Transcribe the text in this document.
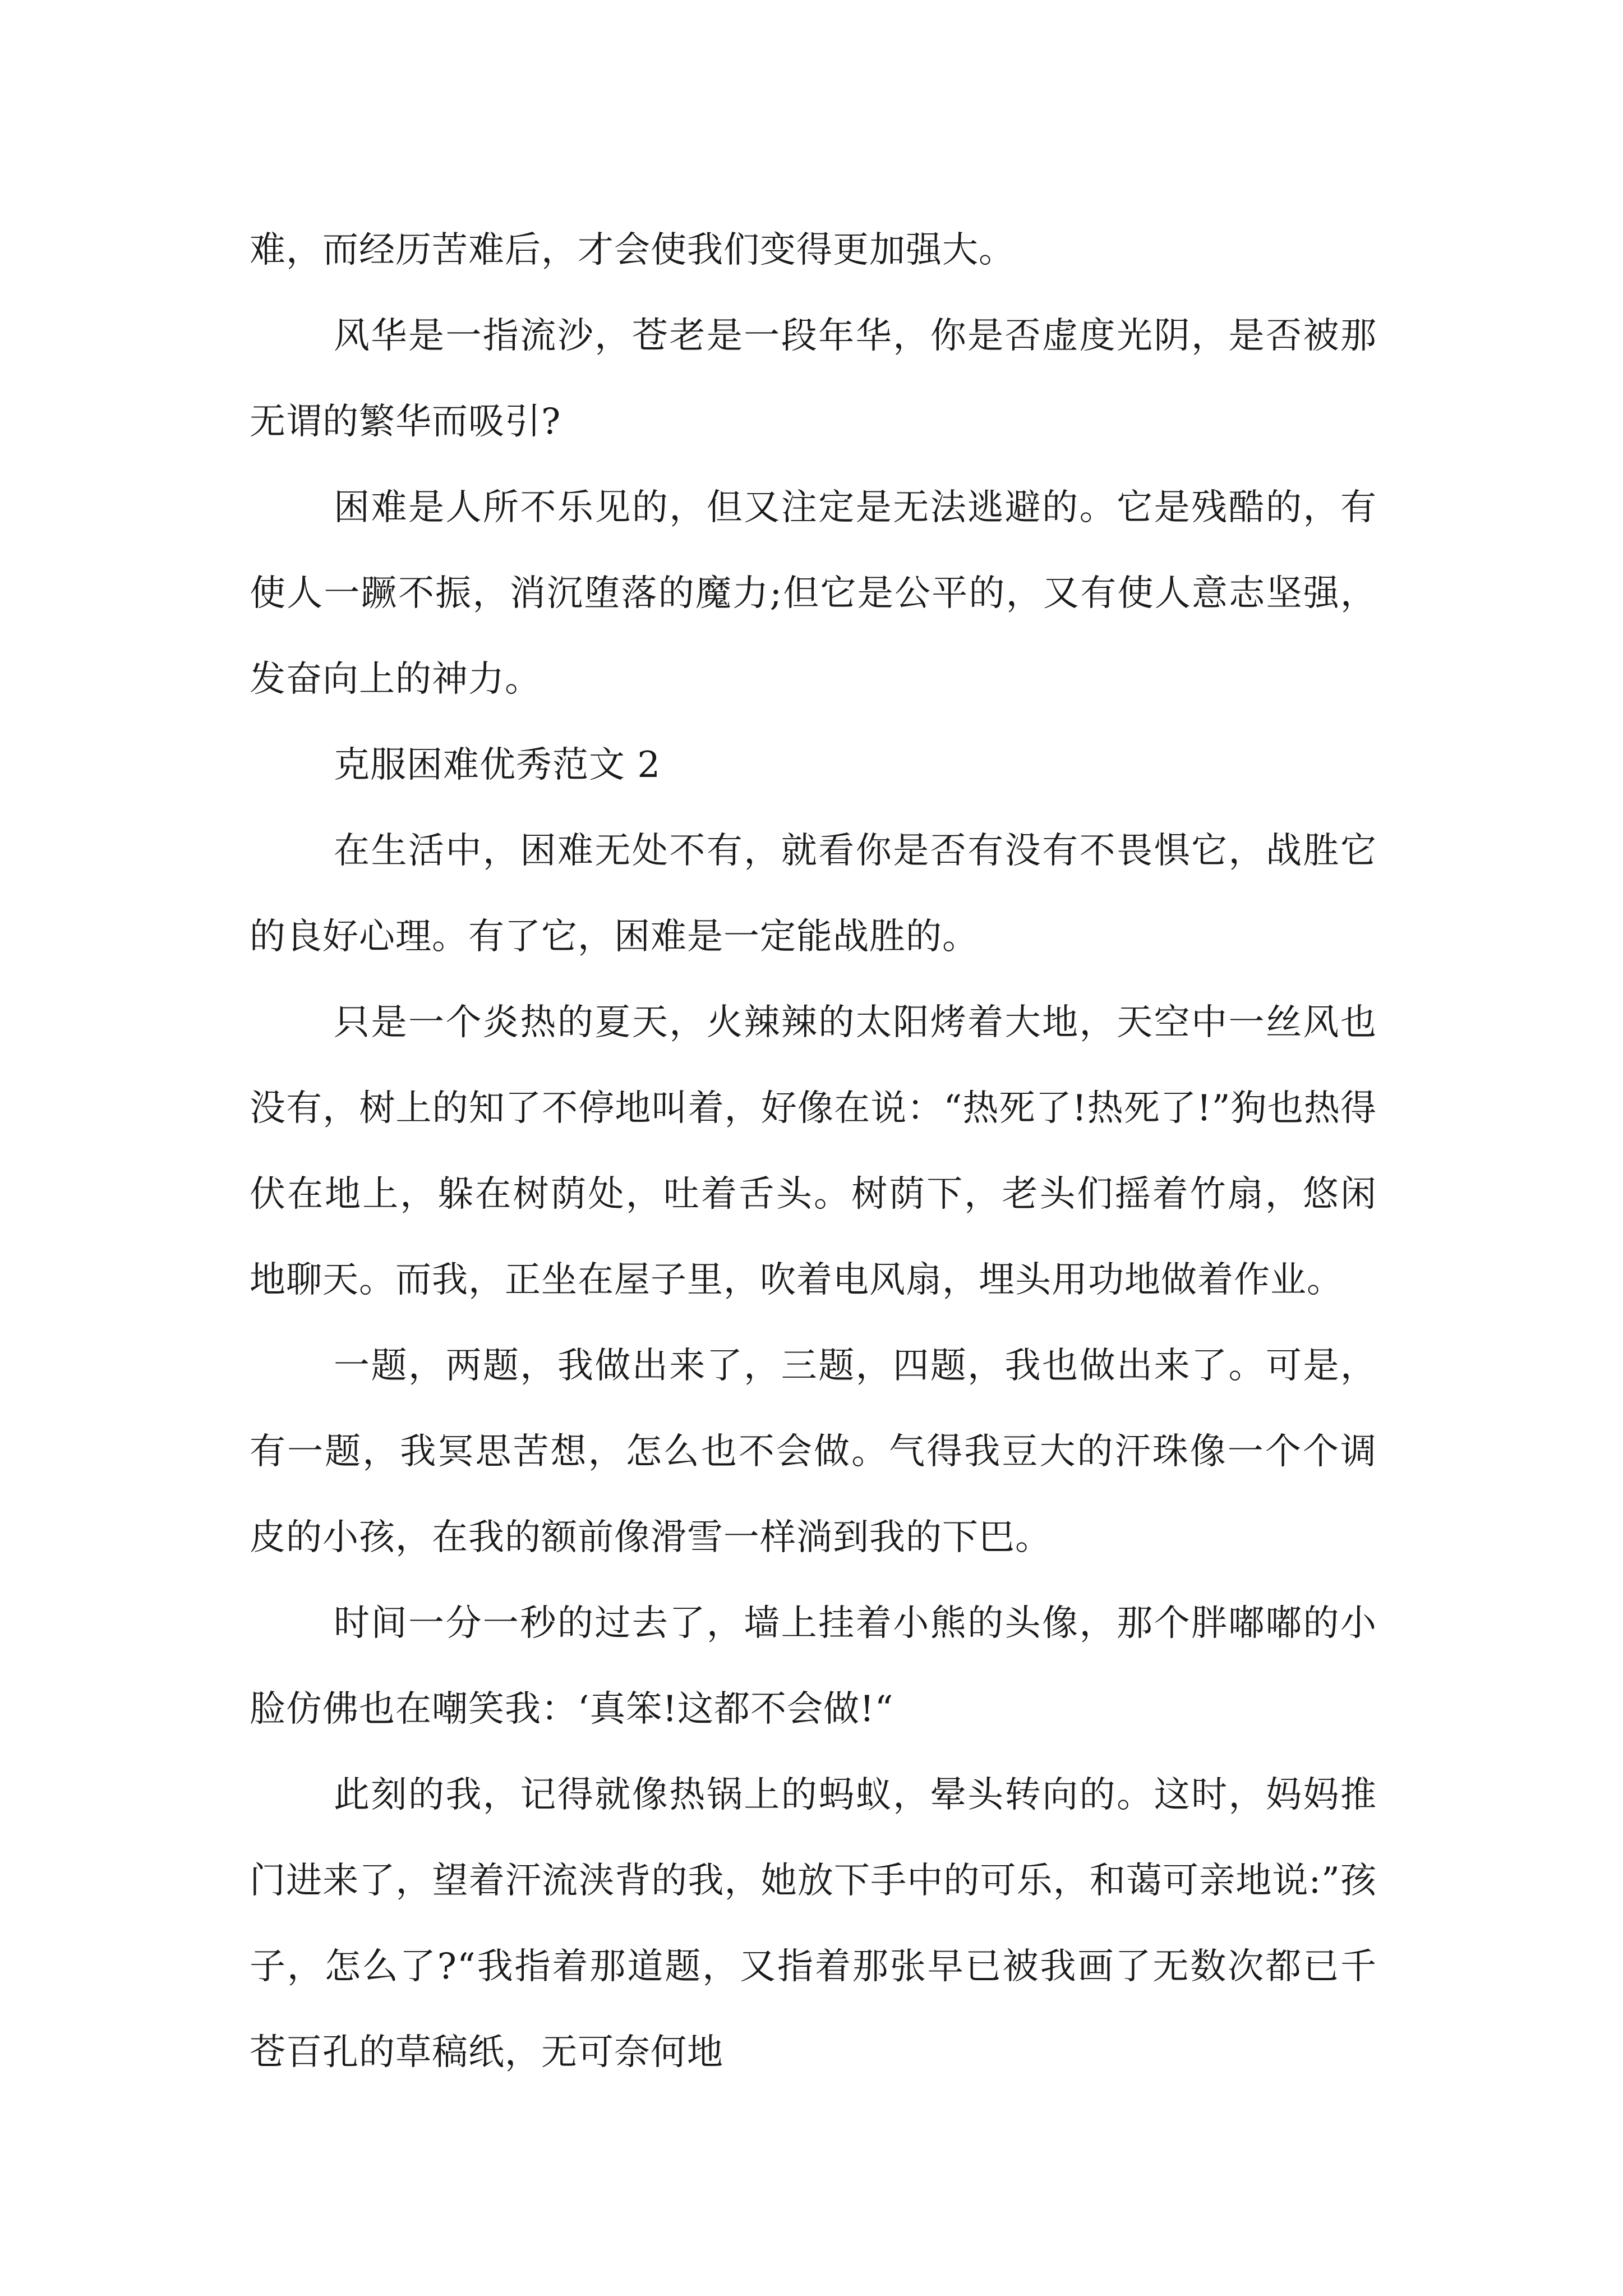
难，而经历苦难后，才会使我们变得更加强大。

风华是一指流沙，苍老是一段年华，你是否虚度光阴，是否被那无谓的繁华而吸引?

困难是人所不乐见的，但又注定是无法逃避的。它是残酷的，有使人一蹶不振，消沉堕落的魔力;但它是公平的，又有使人意志坚强，发奋向上的神力。

克服困难优秀范文 2

在生活中，困难无处不有，就看你是否有没有不畏惧它，战胜它的良好心理。有了它，困难是一定能战胜的。

只是一个炎热的夏天，火辣辣的太阳烤着大地，天空中一丝风也没有，树上的知了不停地叫着，好像在说：“热死了!热死了!”狗也热得伏在地上，躲在树荫处，吐着舌头。树荫下，老头们摇着竹扇，悠闲地聊天。而我，正坐在屋子里，吹着电风扇，埋头用功地做着作业。

一题，两题，我做出来了，三题，四题，我也做出来了。可是，有一题，我冥思苦想，怎么也不会做。气得我豆大的汗珠像一个个调皮的小孩，在我的额前像滑雪一样淌到我的下巴。

时间一分一秒的过去了，墙上挂着小熊的头像，那个胖嘟嘟的小脸仿佛也在嘲笑我：‘真笨!这都不会做!“

此刻的我，记得就像热锅上的蚂蚁，晕头转向的。这时，妈妈推门进来了，望着汗流浃背的我，她放下手中的可乐，和蔼可亲地说:”孩子，怎么了?“我指着那道题，又指着那张早已被我画了无数次都已千苍百孔的草稿纸，无可奈何地
